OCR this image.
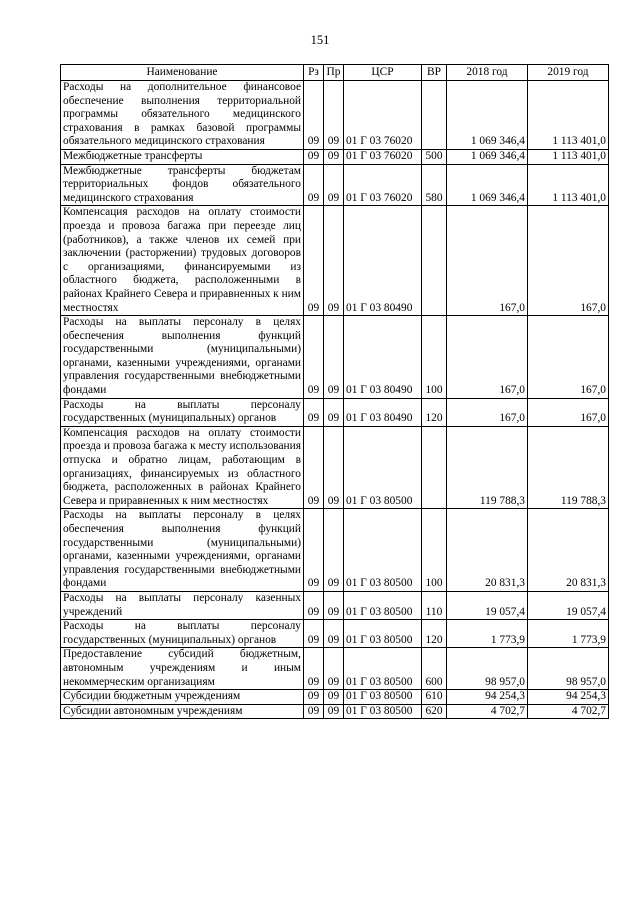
151
Наименование	Рз	Пр	ЦСР	ВР	2018 год	2019 год
Расходы на дополнительное финансовое обеспечение выполнения территориальной программы обязательного медицинского страхования в рамках базовой программы обязательного медицинского страхования	09	09	01 Г 03 76020		1 069 346,4	1 113 401,0
Межбюджетные трансферты	09	09	01 Г 03 76020	500	1 069 346,4	1 113 401,0
Межбюджетные трансферты бюджетам территориальных фондов обязательного медицинского страхования	09	09	01 Г 03 76020	580	1 069 346,4	1 113 401,0
Компенсация расходов на оплату стоимости проезда и провоза багажа при переезде лиц (работников), а также членов их семей при заключении (расторжении) трудовых договоров с организациями, финансируемыми из областного бюджета, расположенными в районах Крайнего Севера и приравненных к ним местностях	09	09	01 Г 03 80490		167,0	167,0
Расходы на выплаты персоналу в целях обеспечения выполнения функций государственными (муниципальными) органами, казенными учреждениями, органами управления государственными внебюджетными фондами	09	09	01 Г 03 80490	100	167,0	167,0
Расходы на выплаты персоналу государственных (муниципальных) органов	09	09	01 Г 03 80490	120	167,0	167,0
Компенсация расходов на оплату стоимости проезда и провоза багажа к месту использования отпуска и обратно лицам, работающим в организациях, финансируемых из областного бюджета, расположенных в районах Крайнего Севера и приравненных к ним местностях	09	09	01 Г 03 80500		119 788,3	119 788,3
Расходы на выплаты персоналу в целях обеспечения выполнения функций государственными (муниципальными) органами, казенными учреждениями, органами управления государственными внебюджетными фондами	09	09	01 Г 03 80500	100	20 831,3	20 831,3
Расходы на выплаты персоналу казенных учреждений	09	09	01 Г 03 80500	110	19 057,4	19 057,4
Расходы на выплаты персоналу государственных (муниципальных) органов	09	09	01 Г 03 80500	120	1 773,9	1 773,9
Предоставление субсидий бюджетным, автономным учреждениям и иным некоммерческим организациям	09	09	01 Г 03 80500	600	98 957,0	98 957,0
Субсидии бюджетным учреждениям	09	09	01 Г 03 80500	610	94 254,3	94 254,3
Субсидии автономным учреждениям	09	09	01 Г 03 80500	620	4 702,7	4 702,7
